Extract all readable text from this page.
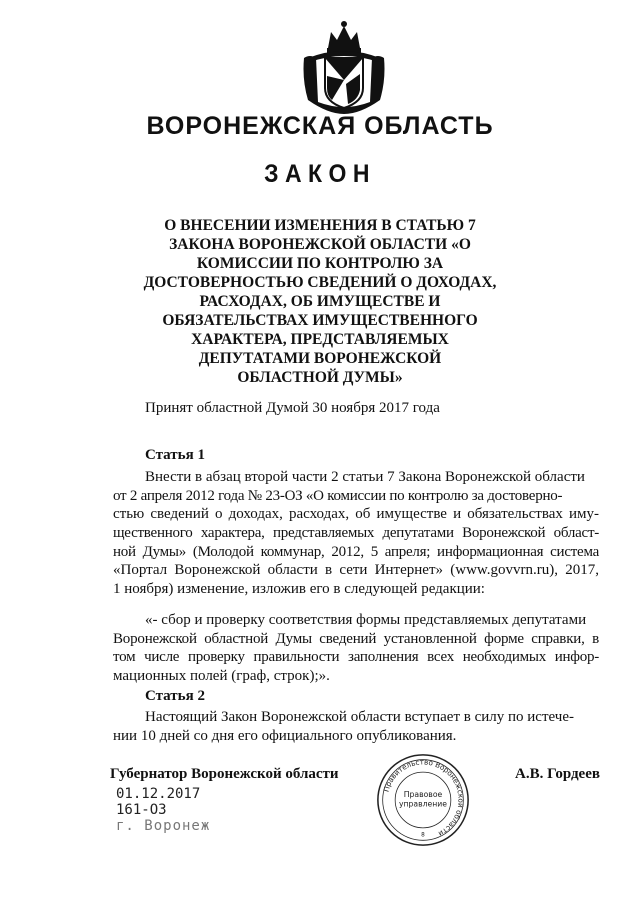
ВОРОНЕЖСКАЯ ОБЛАСТЬ
ЗАКОН
О ВНЕСЕНИИ ИЗМЕНЕНИЯ В СТАТЬЮ 7
ЗАКОНА ВОРОНЕЖСКОЙ ОБЛАСТИ «О
КОМИССИИ ПО КОНТРОЛЮ ЗА
ДОСТОВЕРНОСТЬЮ СВЕДЕНИЙ О ДОХОДАХ,
РАСХОДАХ, ОБ ИМУЩЕСТВЕ И
ОБЯЗАТЕЛЬСТВАХ ИМУЩЕСТВЕННОГО
ХАРАКТЕРА, ПРЕДСТАВЛЯЕМЫХ
ДЕПУТАТАМИ ВОРОНЕЖСКОЙ
ОБЛАСТНОЙ ДУМЫ»
Принят областной Думой 30 ноября 2017 года
Статья 1
Внести в абзац второй части 2 статьи 7 Закона Воронежской области
от 2 апреля 2012 года № 23-ОЗ «О комиссии по контролю за достоверно-
стью сведений о доходах, расходах, об имуществе и обязательствах иму-
щественного характера, представляемых депутатами Воронежской област-
ной Думы» (Молодой коммунар, 2012, 5 апреля; информационная система
«Портал Воронежской области в сети Интернет» (www.govvrn.ru), 2017,
1 ноября) изменение, изложив его в следующей редакции:
«- сбор и проверку соответствия формы представляемых депутатами
Воронежской областной Думы сведений установленной форме справки, в
том числе проверку правильности заполнения всех необходимых инфор-
мационных полей (граф, строк);».
Статья 2
Настоящий Закон Воронежской области вступает в силу по истече-
нии 10 дней со дня его официального опубликования.
Губернатор Воронежской области	А.В. Гордеев
01.12.2017
161-ОЗ
г. Воронеж
Правительство Воронежской области
Правовое
управление
8
